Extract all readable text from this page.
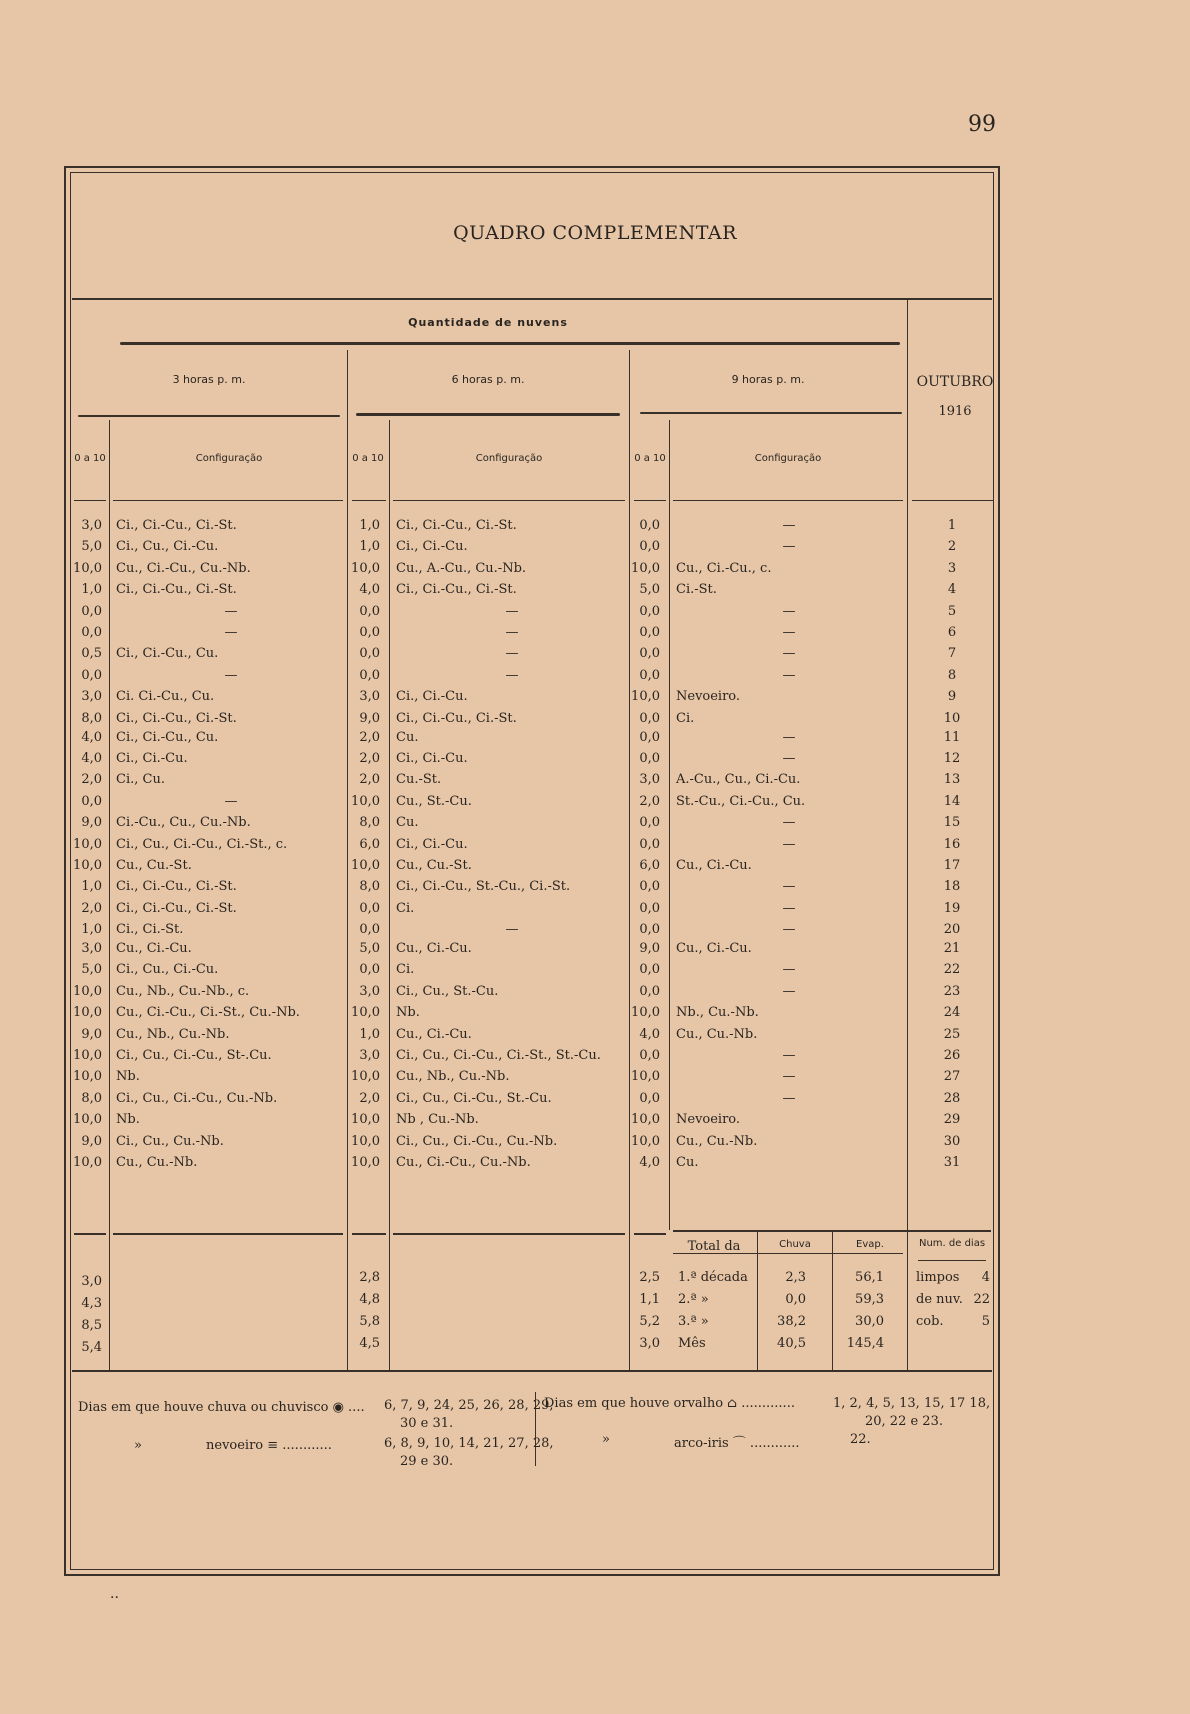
99
QUADRO COMPLEMENTAR
Quantidade de nuvens
3 horas p. m.	6 horas p. m.	9 horas p. m.	OUTUBRO
1916
0 a 10	Configuração	0 a 10	Configuração	0 a 10	Configuração
3,0 Ci., Ci.-Cu., Ci.-St.	1,0 Ci., Ci.-Cu., Ci.-St.	0,0	—	1
5,0 Ci., Cu., Ci.-Cu.	1,0 Ci., Ci.-Cu.	0,0	—	2
10,0 Cu., Ci.-Cu., Cu.-Nb.	10,0 Cu., A.-Cu., Cu.-Nb.	10,0 Cu., Ci.-Cu., c.	3
1,0 Ci., Ci.-Cu., Ci.-St.	4,0 Ci., Ci.-Cu., Ci.-St.	5,0 Ci.-St.	4
0,0	—	0,0	—	0,0	—	5
0,0	—	0,0	—	0,0	—	6
0,5 Ci., Ci.-Cu., Cu.	0,0	—	0,0	—	7
0,0	—	0,0	—	0,0	—	8
3,0 Ci. Ci.-Cu., Cu.	3,0 Ci., Ci.-Cu.	10,0 Nevoeiro.	9
8,0 Ci., Ci.-Cu., Ci.-St.	9,0 Ci., Ci.-Cu., Ci.-St.	0,0 Ci.	10
4,0 Ci., Ci.-Cu., Cu.	2,0 Cu.	0,0	—	11
4,0 Ci., Ci.-Cu.	2,0 Ci., Ci.-Cu.	0,0	—	12
2,0 Ci., Cu.	2,0 Cu.-St.	3,0 A.-Cu., Cu., Ci.-Cu.	13
0,0	—	10,0 Cu., St.-Cu.	2,0 St.-Cu., Ci.-Cu., Cu.	14
9,0 Ci.-Cu., Cu., Cu.-Nb.	8,0 Cu.	0,0	—	15
10,0 Ci., Cu., Ci.-Cu., Ci.-St., c.	6,0 Ci., Ci.-Cu.	0,0	—	16
10,0 Cu., Cu.-St.	10,0 Cu., Cu.-St.	6,0 Cu., Ci.-Cu.	17
1,0 Ci., Ci.-Cu., Ci.-St.	8,0 Ci., Ci.-Cu., St.-Cu., Ci.-St.	0,0	—	18
2,0 Ci., Ci.-Cu., Ci.-St.	0,0 Ci.	0,0	—	19
1,0 Ci., Ci.-St.	0,0	—	0,0	—	20
3,0 Cu., Ci.-Cu.	5,0 Cu., Ci.-Cu.	9,0 Cu., Ci.-Cu.	21
5,0 Ci., Cu., Ci.-Cu.	0,0 Ci.	0,0	—	22
10,0 Cu., Nb., Cu.-Nb., c.	3,0 Ci., Cu., St.-Cu.	0,0	—	23
10,0 Cu., Ci.-Cu., Ci.-St., Cu.-Nb.	10,0 Nb.	10,0 Nb., Cu.-Nb.	24
9,0 Cu., Nb., Cu.-Nb.	1,0 Cu., Ci.-Cu.	4,0 Cu., Cu.-Nb.	25
10,0 Ci., Cu., Ci.-Cu., St-.Cu.	3,0 Ci., Cu., Ci.-Cu., Ci.-St., St.-Cu.	0,0	—	26
10,0 Nb.	10,0 Cu., Nb., Cu.-Nb.	10,0	—	27
8,0 Ci., Cu., Ci.-Cu., Cu.-Nb.	2,0 Ci., Cu., Ci.-Cu., St.-Cu.	0,0	—	28
10,0 Nb.	10,0 Nb , Cu.-Nb.	10,0 Nevoeiro.	29
9,0 Ci., Cu., Cu.-Nb.	10,0 Ci., Cu., Ci.-Cu., Cu.-Nb.	10,0 Cu., Cu.-Nb.	30
10,0 Cu., Cu.-Nb.	10,0 Cu., Ci.-Cu., Cu.-Nb.	4,0 Cu.	31
Total da	Chuva	Evap.	Num. de dias
3,0	2,8	2,5 1.ª década	2,3	56,1
4,3	4,8	1,1 2.ª »	0,0	59,3
8,5	5,8	5,2 3.ª »	38,2	30,0
5,4	4,5	3,0 Mês	40,5	145,4
limpos	4
de nuv. 22
cob.	5
Dias em que houve chuva ou chuvisco ◉ .... 6, 7, 9, 24, 25, 26, 28, 29,
30 e 31.
»	nevoeiro ≡ ............	6, 8, 9, 10, 14, 21, 27, 28,
29 e 30.
Dias em que houve orvalho ⌂ .............	1, 2, 4, 5, 13, 15, 17 18,
20, 22 e 23.
»	arco-iris ⌒ ............	22.
··
